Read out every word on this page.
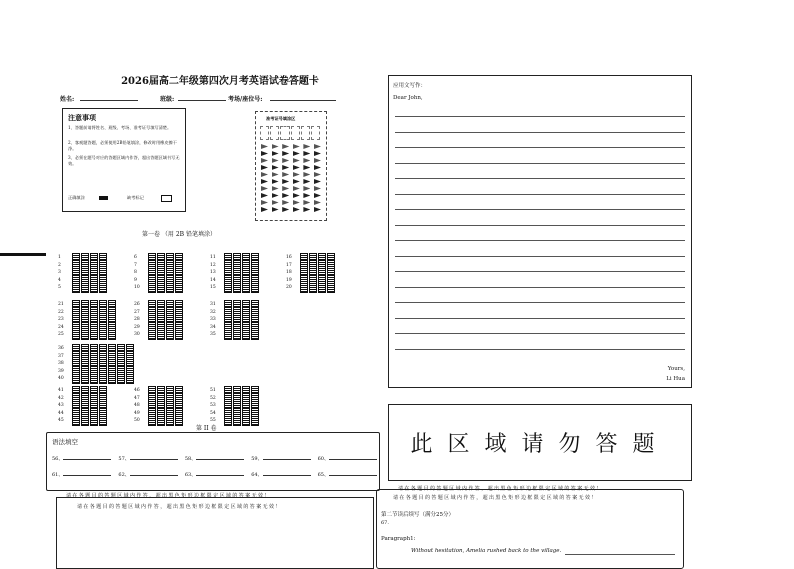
2026届高二年级第四次月考英语试卷答题卡
姓名:	班级:	考场/座位号:
注意事项
1、答题前请将姓名、班级、考场、准考证号填写清楚。
2、客观题答题，必须使用2B铅笔填涂，修改时用橡皮擦干净。
3、必须在题号对应的答题区域内作答，超出答题区域书写无效。
正确填涂	缺考标记
准考证号填涂区
第一卷 （用 2B 铅笔填涂）
1
2
3
4
5
6
7
8
9
10
11
12
13
14
15
16
17
18
19
20
21
22
23
24
25
26
27
28
29
30
31
32
33
34
35
36
37
38
39
40
41
42
43
44
45
46
47
48
49
50
51
52
53
54
55
第 II 卷
语法填空
56、	57、	58、	59、	60、
61、	62、	63、	64、	65、
请在各题目的答题区域内作答，超出黑色矩形边框限定区域的答案无效！
请在各题目的答题区域内作答，超出黑色矩形边框限定区域的答案无效！
应用文写作：
Dear John,
Yours,
Li Hua
此区域请勿答题
请在各题目的答题区域内作答，超出黑色矩形边框限定区域的答案无效！
请在各题目的答题区域内作答，超出黑色矩形边框限定区域的答案无效！
第二节读后续写（满分25分）
67.
Paragraph1:
Without hesitation, Amelia rushed back to the village.
